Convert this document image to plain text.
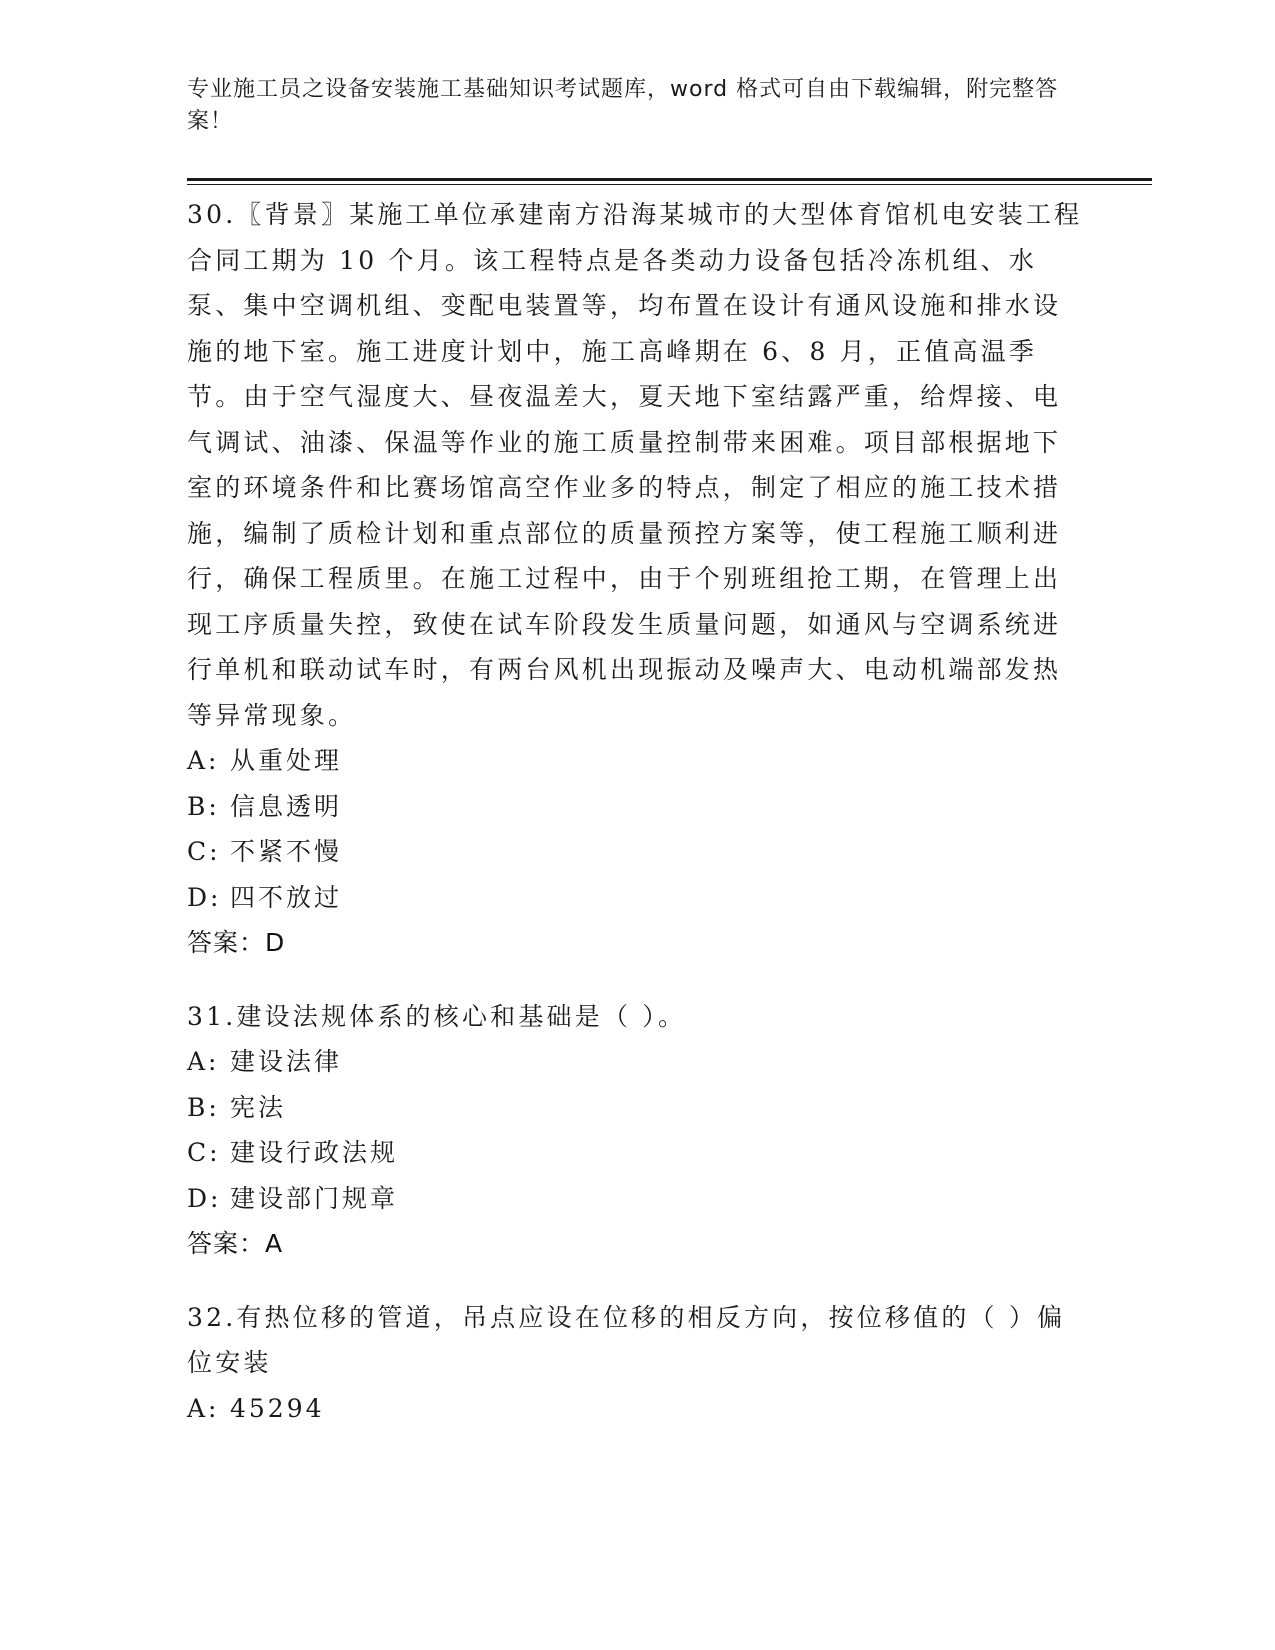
专业施工员之设备安装施工基础知识考试题库，word 格式可自由下载编辑，附完整答案！

30.〖背景〗某施工单位承建南方沿海某城市的大型体育馆机电安装工程合同工期为 10 个月。该工程特点是各类动力设备包括冷冻机组、水泵、集中空调机组、变配电装置等，均布置在设计有通风设施和排水设施的地下室。施工进度计划中，施工高峰期在 6、8 月，正值高温季节。由于空气湿度大、昼夜温差大，夏天地下室结露严重，给焊接、电气调试、油漆、保温等作业的施工质量控制带来困难。项目部根据地下室的环境条件和比赛场馆高空作业多的特点，制定了相应的施工技术措施，编制了质检计划和重点部位的质量预控方案等，使工程施工顺利进行，确保工程质里。在施工过程中，由于个别班组抢工期，在管理上出现工序质量失控，致使在试车阶段发生质量问题，如通风与空调系统进行单机和联动试车时，有两台风机出现振动及噪声大、电动机端部发热等异常现象。

A: 从重处理

B: 信息透明

C: 不紧不慢

D: 四不放过

答案：D

31.建设法规体系的核心和基础是（ ）。

A: 建设法律

B: 宪法

C: 建设行政法规

D: 建设部门规章

答案：A

32.有热位移的管道，吊点应设在位移的相反方向，按位移值的（ ）偏位安装

A: 45294
